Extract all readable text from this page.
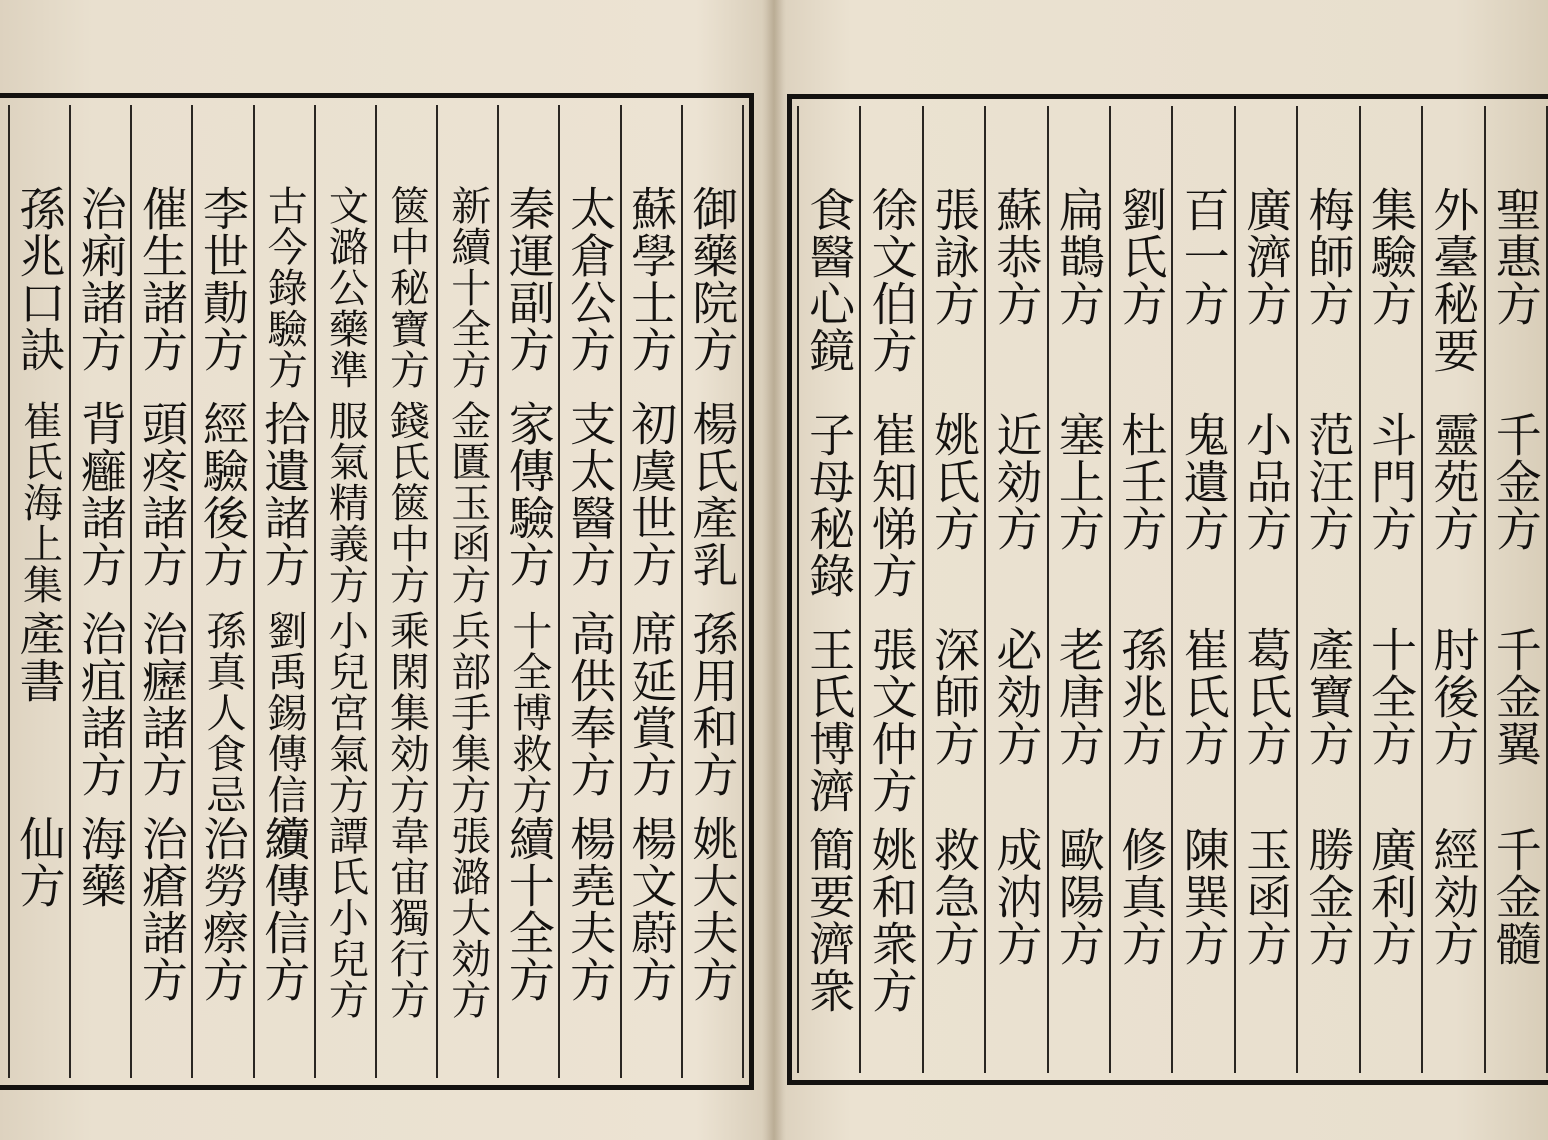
御藥院方
楊氏產乳
孫用和方
姚大夫方
蘇學士方
初虞世方
席延賞方
楊文蔚方
太倉公方
支太醫方
高供奉方
楊堯夫方
秦運副方
家傳驗方
十全博救方
續十全方
新續十全方
金匱玉函方
兵部手集方
張潞大効方
篋中秘寶方
錢氏篋中方
乘閑集効方
韋宙獨行方
文潞公藥準
服氣精義方
小兒宮氣方
譚氏小兒方
古今錄驗方
拾遺諸方
劉禹錫傳信方
續傳信方
李世勣方
經驗後方
孫真人食忌
治勞瘵方
催生諸方
頭疼諸方
治癧諸方
治瘡諸方
治痢諸方
背癰諸方
治疽諸方
海藥
孫兆口訣
崔氏海上集
產書
仙方
聖惠方
千金方
千金翼
千金髓
外臺秘要
靈苑方
肘後方
經効方
集驗方
斗門方
十全方
廣利方
梅師方
范汪方
產寶方
勝金方
廣濟方
小品方
葛氏方
玉函方
百一方
鬼遺方
崔氏方
陳巽方
劉氏方
杜壬方
孫兆方
修真方
扁鵲方
塞上方
老唐方
歐陽方
蘇恭方
近効方
必効方
成汭方
張詠方
姚氏方
深師方
救急方
徐文伯方
崔知悌方
張文仲方
姚和衆方
食醫心鏡
子母秘錄
王氏博濟
簡要濟衆
